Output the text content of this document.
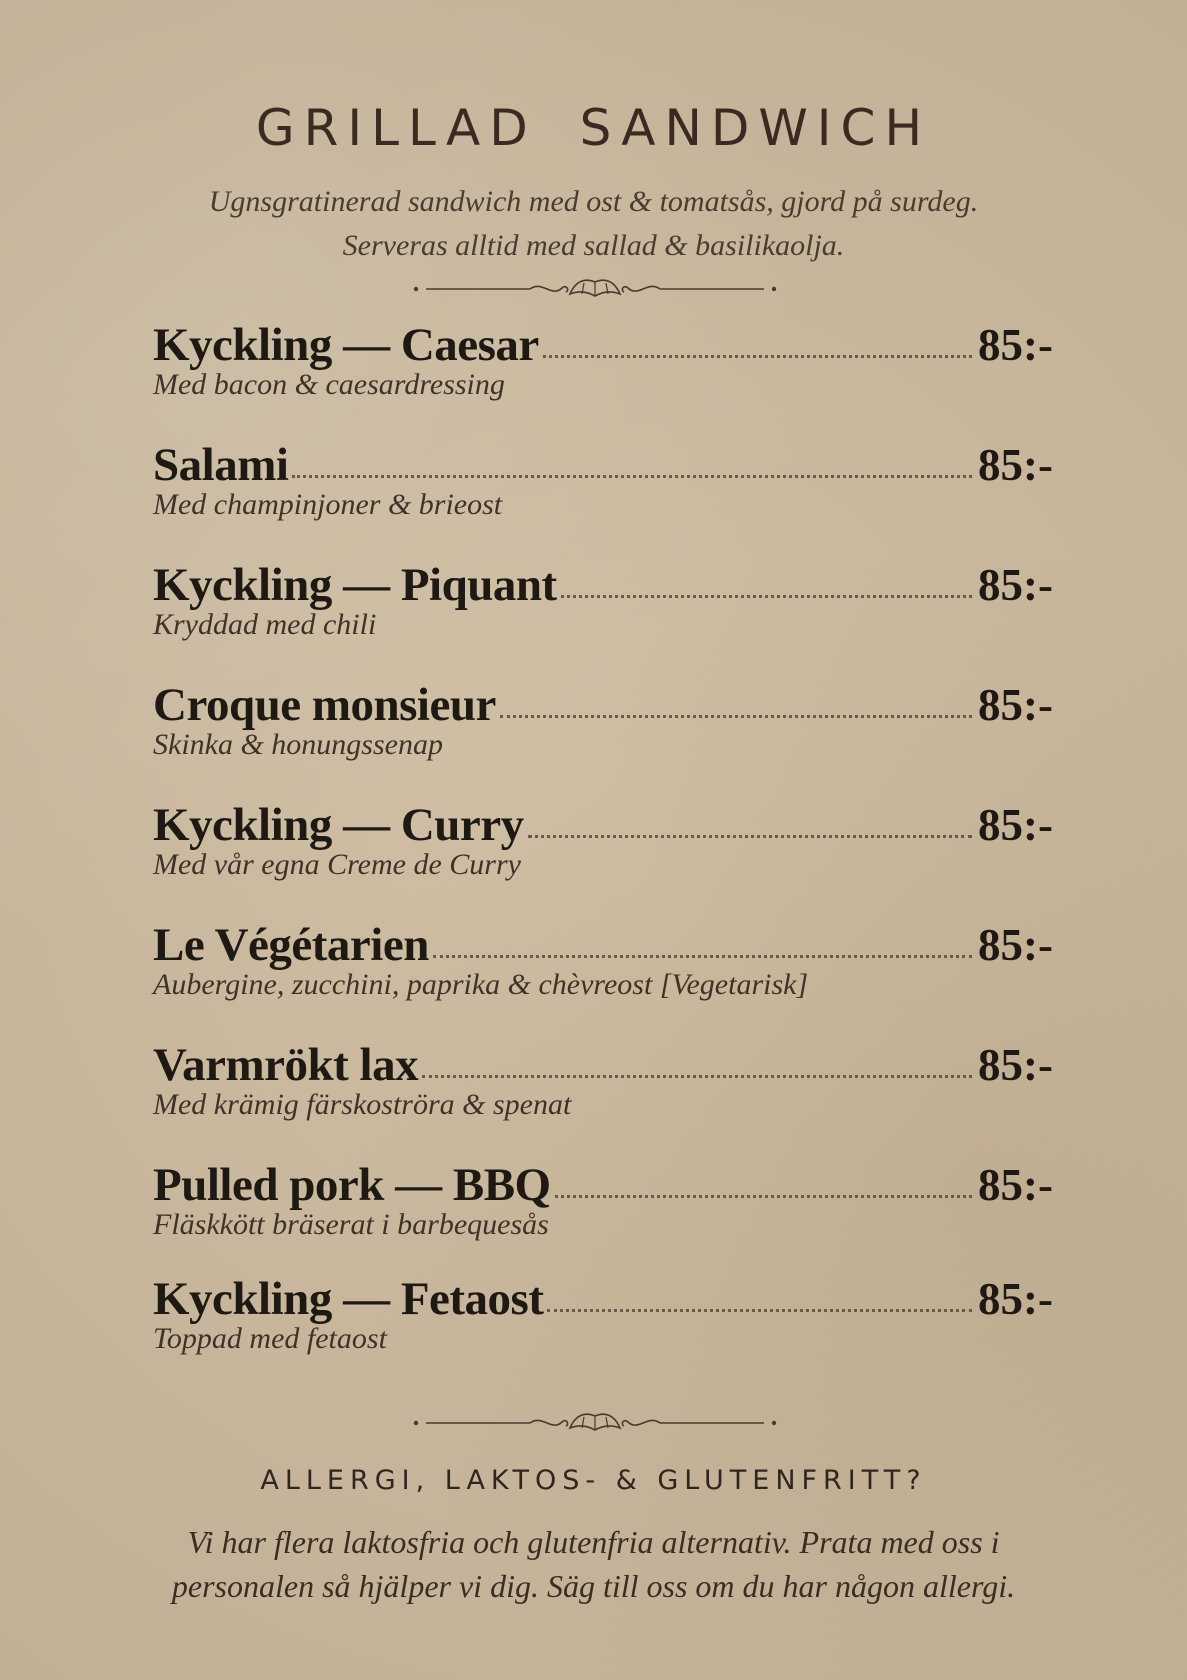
GRILLAD SANDWICH
Ugnsgratinerad sandwich med ost & tomatsås, gjord på surdeg.
Serveras alltid med sallad & basilikaolja.
Kyckling — Caesar	85:-
Med bacon & caesardressing
Salami	85:-
Med champinjoner & brieost
Kyckling — Piquant	85:-
Kryddad med chili
Croque monsieur	85:-
Skinka & honungssenap
Kyckling — Curry	85:-
Med vår egna Creme de Curry
Le Végétarien	85:-
Aubergine, zucchini, paprika & chèvreost [Vegetarisk]
Varmrökt lax	85:-
Med krämig färskoströra & spenat
Pulled pork — BBQ	85:-
Fläskkött bräserat i barbequesås
Kyckling — Fetaost	85:-
Toppad med fetaost
ALLERGI, LAKTOS- & GLUTENFRITT?
Vi har flera laktosfria och glutenfria alternativ. Prata med oss i
personalen så hjälper vi dig. Säg till oss om du har någon allergi.
